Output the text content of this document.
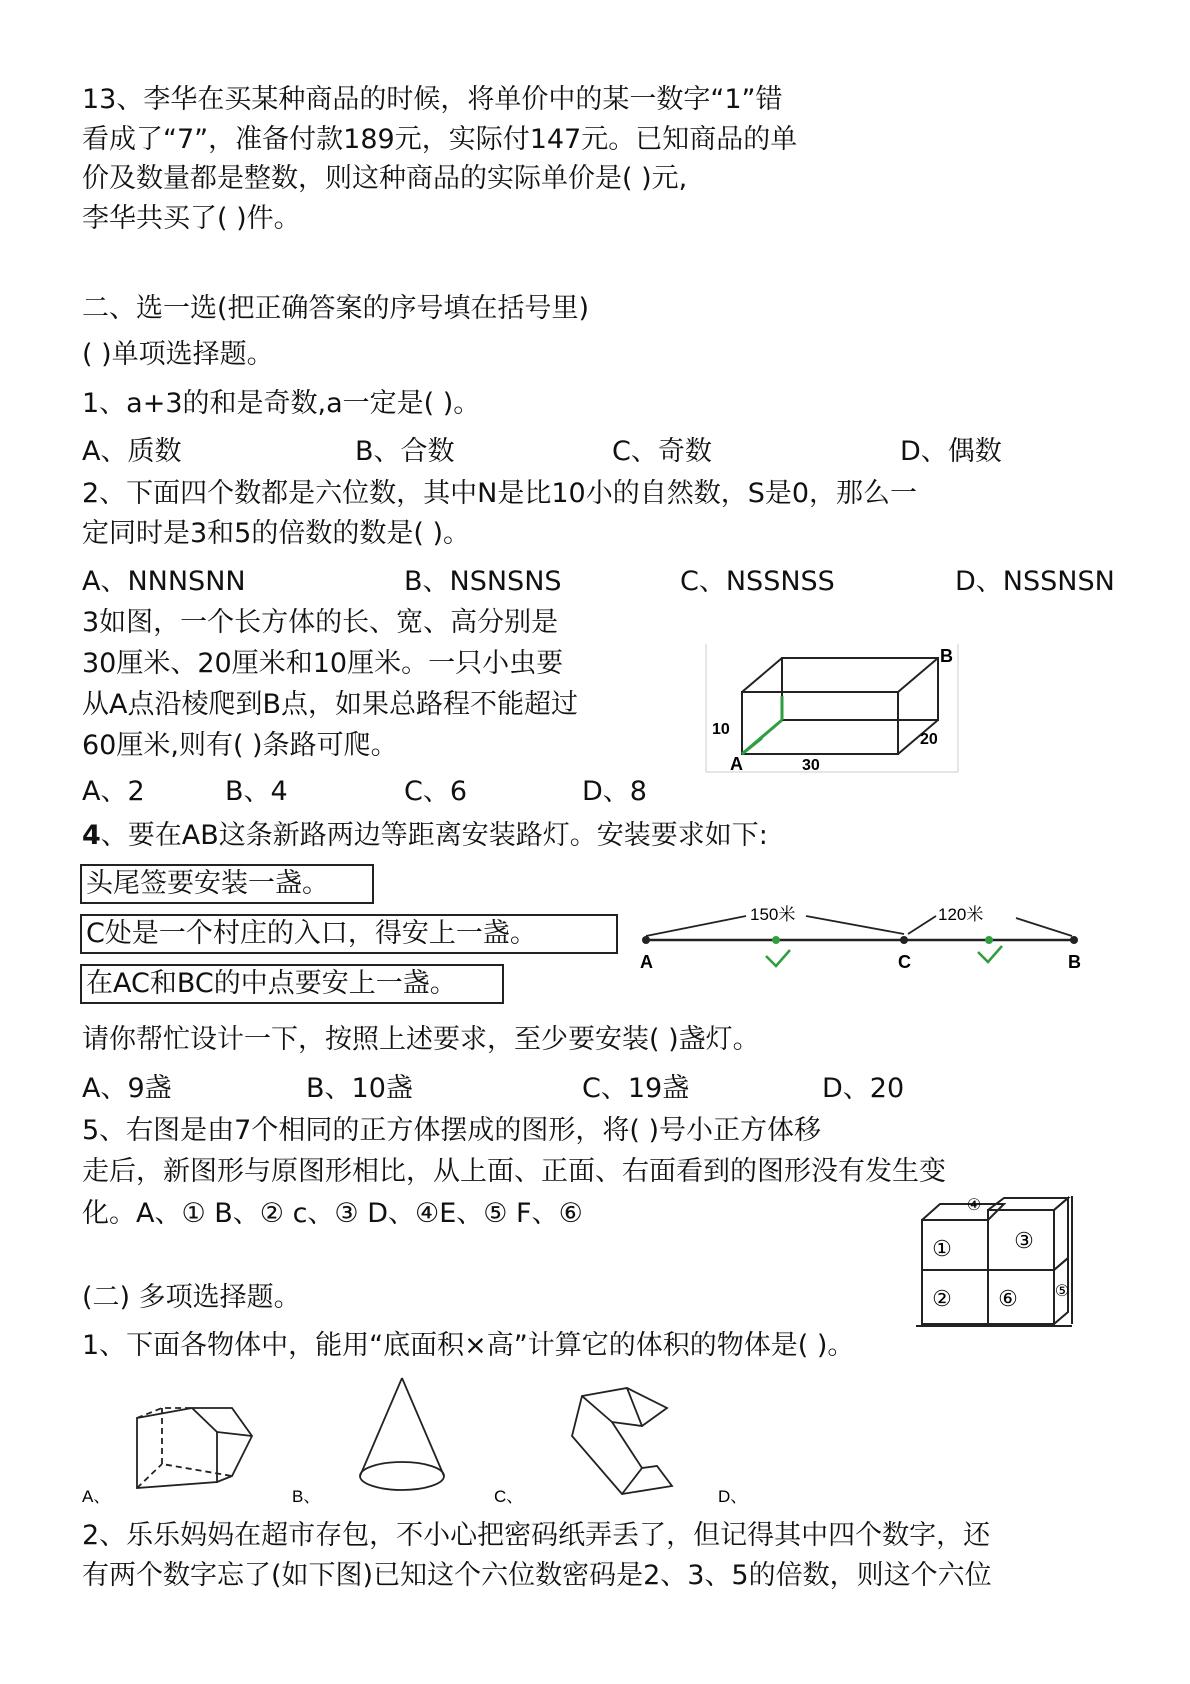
13、李华在买某种商品的时候，将单价中的某一数字“1”错
看成了“7”，准备付款189元，实际付147元。已知商品的单
价及数量都是整数，则这种商品的实际单价是( )元,
李华共买了( )件。
二、选一选(把正确答案的序号填在括号里)
( )单项选择题。
1、a+3的和是奇数,a一定是( )。
A、质数	B、合数	C、奇数	D、偶数
2、下面四个数都是六位数，其中N是比10小的自然数，S是0，那么一
定同时是3和5的倍数的数是( )。
A、NNNSNN	B、NSNSNS	C、NSSNSS	D、NSSNSN
3如图，一个长方体的长、宽、高分别是
30厘米、20厘米和10厘米。一只小虫要
从A点沿棱爬到B点，如果总路程不能超过
60厘米,则有( )条路可爬。
A、2	B、4	C、6	D、8
B
A
10
20
30
4、要在AB这条新路两边等距离安装路灯。安装要求如下:
头尾签要安装一盏。
C处是一个村庄的入口，得安上一盏。
在AC和BC的中点要安上一盏。
150米	120米
A	C	B
请你帮忙设计一下，按照上述要求，至少要安装( )盏灯。
A、9盏	B、10盏	C、19盏	D、20
5、右图是由7个相同的正方体摆成的图形，将( )号小正方体移
走后，新图形与原图形相比，从上面、正面、右面看到的图形没有发生变
化。A、① B、② c、③ D、④E、⑤ F、⑥
①
②
③
④
⑤
⑥
(二) 多项选择题。
1、下面各物体中，能用“底面积×高”计算它的体积的物体是( )。
A、	B、	C、	D、
2、乐乐妈妈在超市存包，不小心把密码纸弄丢了，但记得其中四个数字，还
有两个数字忘了(如下图)已知这个六位数密码是2、3、5的倍数，则这个六位
